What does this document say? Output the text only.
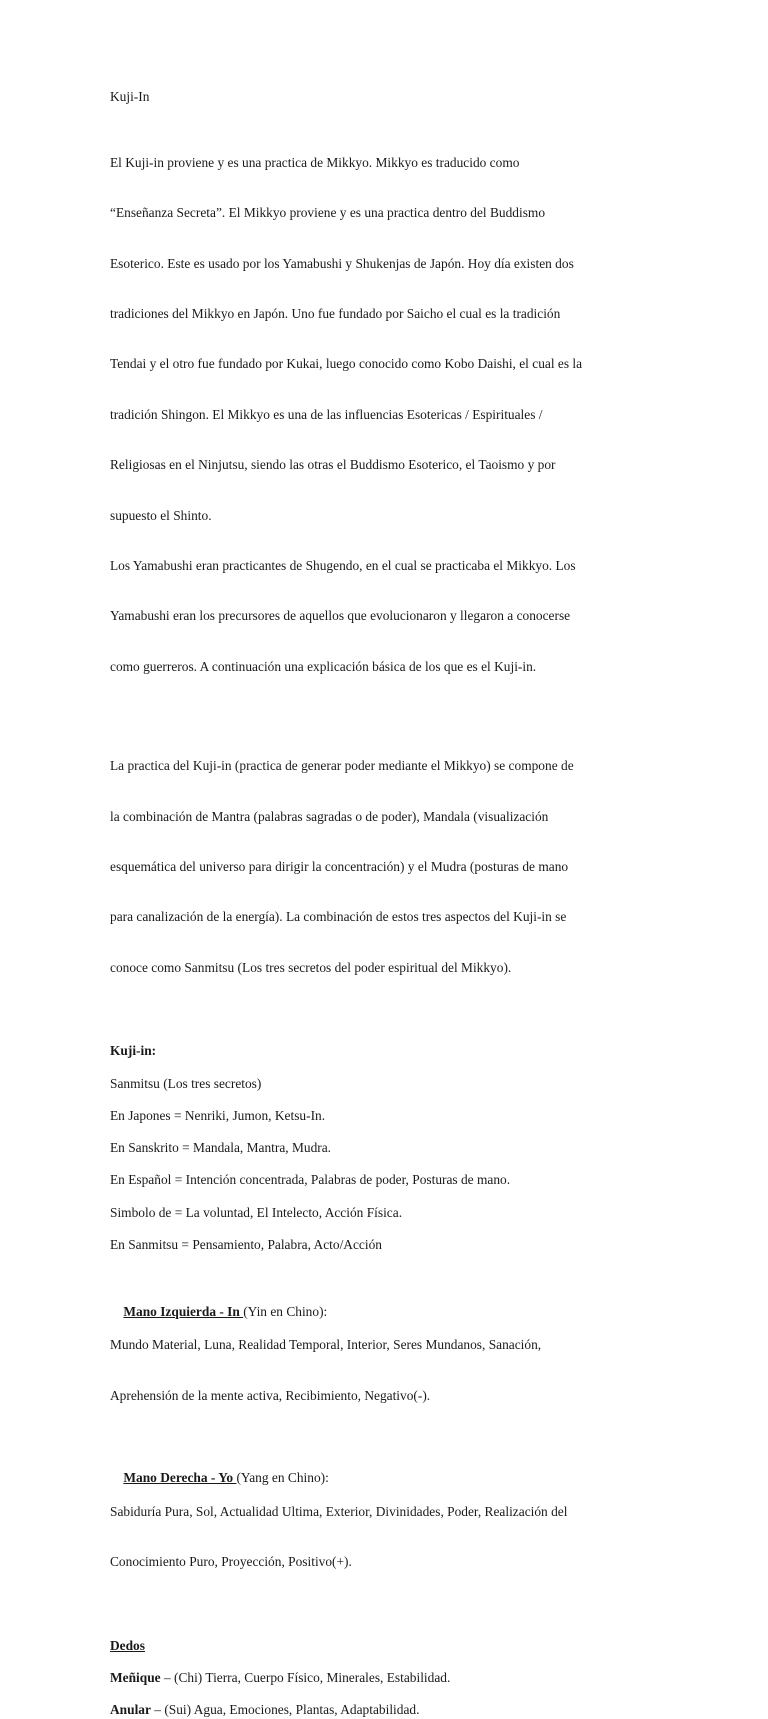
Kuji-In

El Kuji-in proviene y es una practica de Mikkyo. Mikkyo es traducido como

“Enseñanza Secreta”. El Mikkyo proviene y es una practica dentro del Buddismo

Esoterico. Este es usado por los Yamabushi y Shukenjas de Japón. Hoy día existen dos

tradiciones del Mikkyo en Japón. Uno fue fundado por Saicho el cual es la tradición

Tendai y el otro fue fundado por Kukai, luego conocido como Kobo Daishi, el cual es la

tradición Shingon. El Mikkyo es una de las influencias Esotericas / Espirituales /

Religiosas en el Ninjutsu, siendo las otras el Buddismo Esoterico, el Taoismo y por

supuesto el Shinto.

Los Yamabushi eran practicantes de Shugendo, en el cual se practicaba el Mikkyo. Los

Yamabushi eran los precursores de aquellos que evolucionaron y llegaron a conocerse

como guerreros. A continuación una explicación básica de los que es el Kuji-in.

La practica del Kuji-in (practica de generar poder mediante el Mikkyo) se compone de

la combinación de Mantra (palabras sagradas o de poder), Mandala (visualización

esquemática del universo para dirigir la concentración) y el Mudra (posturas de mano

para canalización de la energía). La combinación de estos tres aspectos del Kuji-in se

conoce como Sanmitsu (Los tres secretos del poder espiritual del Mikkyo).

Kuji-in:

Sanmitsu (Los tres secretos)

En Japones = Nenriki, Jumon, Ketsu-In.

En Sanskrito = Mandala, Mantra, Mudra.

En Español = Intención concentrada, Palabras de poder, Posturas de mano.

Simbolo de = La voluntad, El Intelecto, Acción Física.

En Sanmitsu = Pensamiento, Palabra, Acto/Acción

Mano Izquierda - In (Yin en Chino):

Mundo Material, Luna, Realidad Temporal, Interior, Seres Mundanos, Sanación,

Aprehensión de la mente activa, Recibimiento, Negativo(-).

Mano Derecha - Yo (Yang en Chino):

Sabiduría Pura, Sol, Actualidad Ultima, Exterior, Divinidades, Poder, Realización del

Conocimiento Puro, Proyección, Positivo(+).

Dedos

Meñique – (Chi) Tierra, Cuerpo Físico, Minerales, Estabilidad.

Anular – (Sui) Agua, Emociones, Plantas, Adaptabilidad.
